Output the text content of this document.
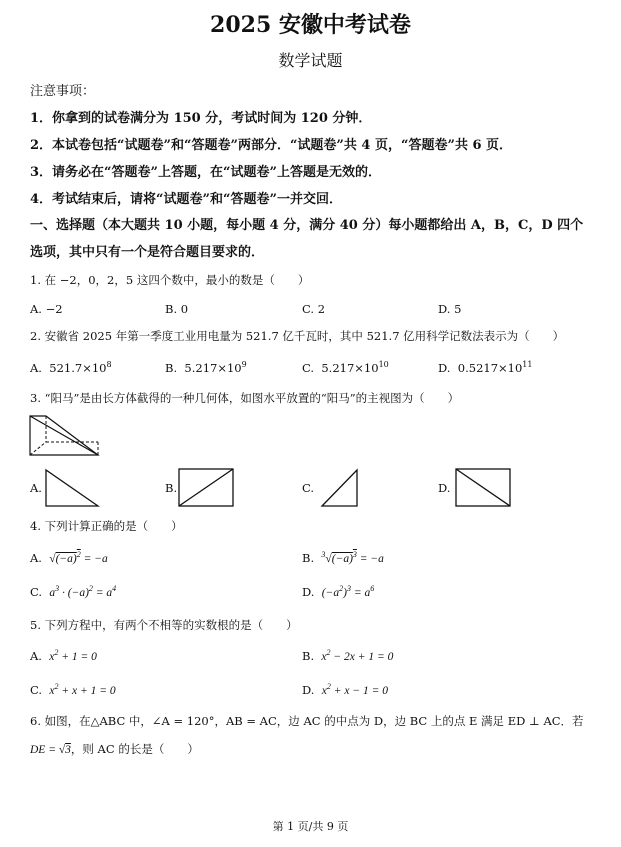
2025 安徽中考试卷
数学试题
注意事项：
1．你拿到的试卷满分为 150 分，考试时间为 120 分钟．
2．本试卷包括“试题卷”和“答题卷”两部分．“试题卷”共 4 页，“答题卷”共 6 页．
3．请务必在“答题卷”上答题，在“试题卷”上答题是无效的．
4．考试结束后，请将“试题卷”和“答题卷”一并交回．
一、选择题（本大题共 10 小题，每小题 4 分，满分 40 分）每小题都给出 A，B，C，D 四个
选项，其中只有一个是符合题目要求的．
1. 在 −2，0，2，5 这四个数中，最小的数是（　　）
A. −2	B. 0	C. 2	D. 5
2. 安徽省 2025 年第一季度工业用电量为 521.7 亿千瓦时，其中 521.7 亿用科学记数法表示为（　　）
A. $521.7\times 10^8$	B. $5.217\times 10^9$	C. $5.217\times 10^{10}$	D. $0.5217\times 10^{11}$
3. “阳马”是由长方体截得的一种几何体，如图水平放置的“阳马”的主视图为（　　）
A.	B.	C.	D.
4. 下列计算正确的是（　　）
A. $√(-a)^2 = -a$	B. $^3√(-a)^3 = -a$
C. $a^3 \cdot (-a)^2 = a^4$	D. $(-a^2)^3 = a^6$
5. 下列方程中，有两个不相等的实数根的是（　　）
A. $x^2 + 1 = 0$	B. $x^2 - 2x + 1 = 0$
C. $x^2 + x + 1 = 0$	D. $x^2 + x - 1 = 0$
6. 如图，在△ABC 中，∠A = 120°，AB = AC，边 AC 的中点为 D，边 BC 上的点 E 满足 ED ⊥ AC．若
DE = √3，则 AC 的长是（　　）
第 1 页/共 9 页
